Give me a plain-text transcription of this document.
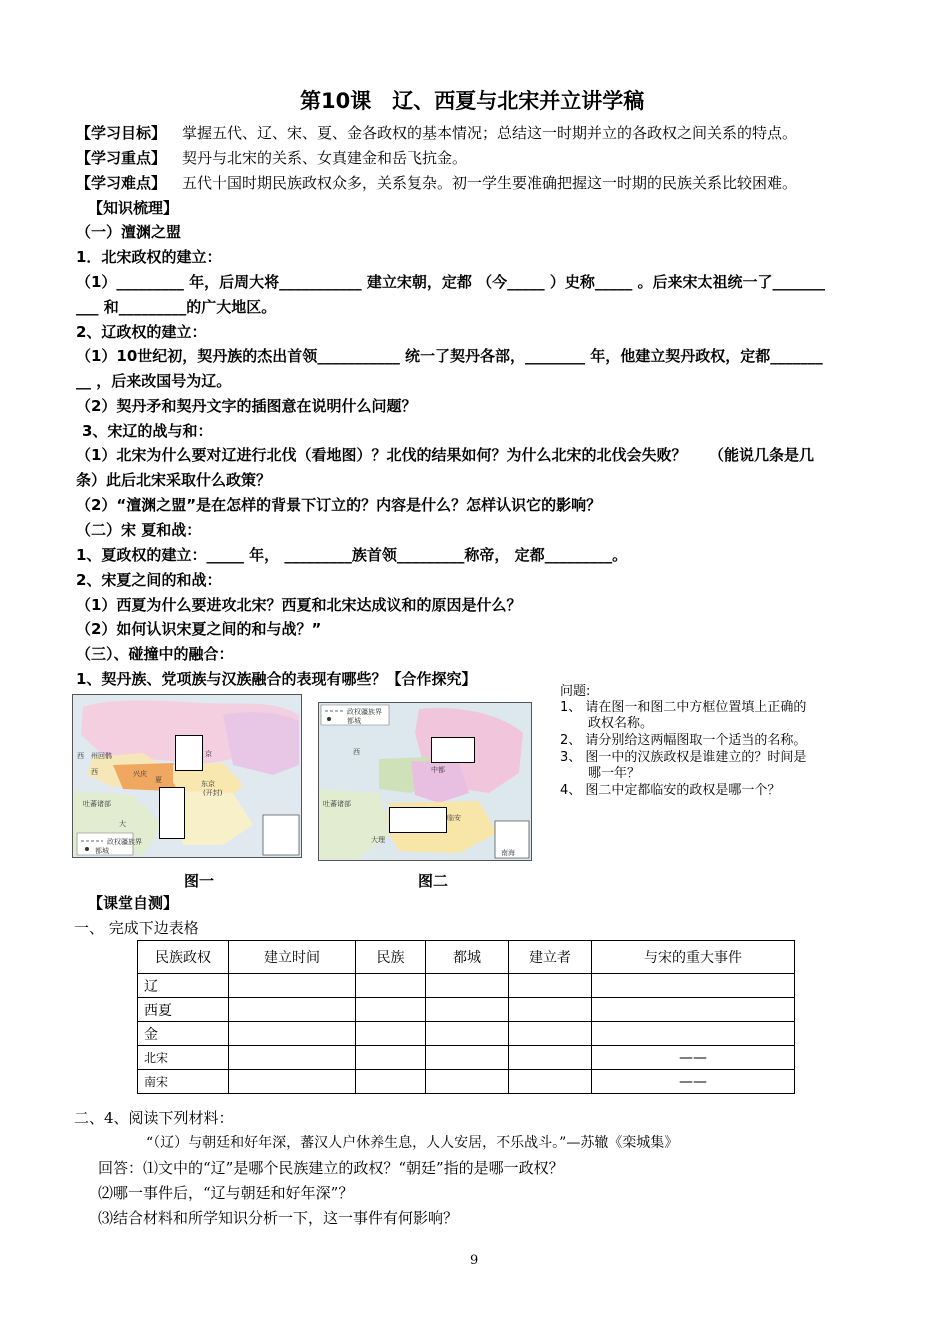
第10课　辽、西夏与北宋并立讲学稿
【学习目标】 掌握五代、辽、宋、夏、金各政权的基本情况；总结这一时期并立的各政权之间关系的特点。
【学习重点】 契丹与北宋的关系、女真建金和岳飞抗金。
【学习难点】 五代十国时期民族政权众多，关系复杂。初一学生要准确把握这一时期的民族关系比较困难。
【知识梳理】
（一）澶渊之盟
1．北宋政权的建立：
（1）_________ 年，后周大将___________ 建立宋朝，定都 （今_____ ）史称_____ 。后来宋太祖统一了_______
___ 和_________的广大地区。
2、辽政权的建立：
（1）10世纪初，契丹族的杰出首领___________ 统一了契丹各部，________ 年，他建立契丹政权，定都_______
__ ，后来改国号为辽。
（2）契丹矛和契丹文字的插图意在说明什么问题？
3、宋辽的战与和：
（1）北宋为什么要对辽进行北伐（看地图）？北伐的结果如何？为什么北宋的北伐会失败？　　（能说几条是几
条）此后北宋采取什么政策？
（2）“澶渊之盟”是在怎样的背景下订立的？内容是什么？怎样认识它的影响？
（二）宋 夏和战：
1、夏政权的建立：_____ 年， _________族首领_________称帝， 定都_________。
2、宋夏之间的和战：
（1）西夏为什么要进攻北宋？西夏和北宋达成议和的原因是什么？
（2）如何认识宋夏之间的和与战？”
（三）、碰撞中的融合：
1、契丹族、党项族与汉族融合的表现有哪些？【合作探究】
西　州回鹘
西	兴庆
夏
京
东京
(开封)
吐蕃诸部
大
政权疆族界
都城
政权疆族界
都城
西
中都
临安
吐蕃诸部
大理
南海
图一	图二
问题:
1、 请在图一和图二中方框位置填上正确的
政权名称。
2、 请分别给这两幅图取一个适当的名称。
3、 图一中的汉族政权是谁建立的？时间是
哪一年？
4、 图二中定都临安的政权是哪一个？
【课堂自测】
一、 完成下边表格
民族政权	建立时间	民族	都城	建立者	与宋的重大事件
辽					
西夏					
金					
北宋					——
南宋					——
二、4、阅读下列材料：
“（辽）与朝廷和好年深，蕃汉人户休养生息，人人安居，不乐战斗。”—苏辙《栾城集》
回答：⑴文中的“辽”是哪个民族建立的政权？“朝廷”指的是哪一政权？
⑵哪一事件后，“辽与朝廷和好年深”？
⑶结合材料和所学知识分析一下，这一事件有何影响？
9
